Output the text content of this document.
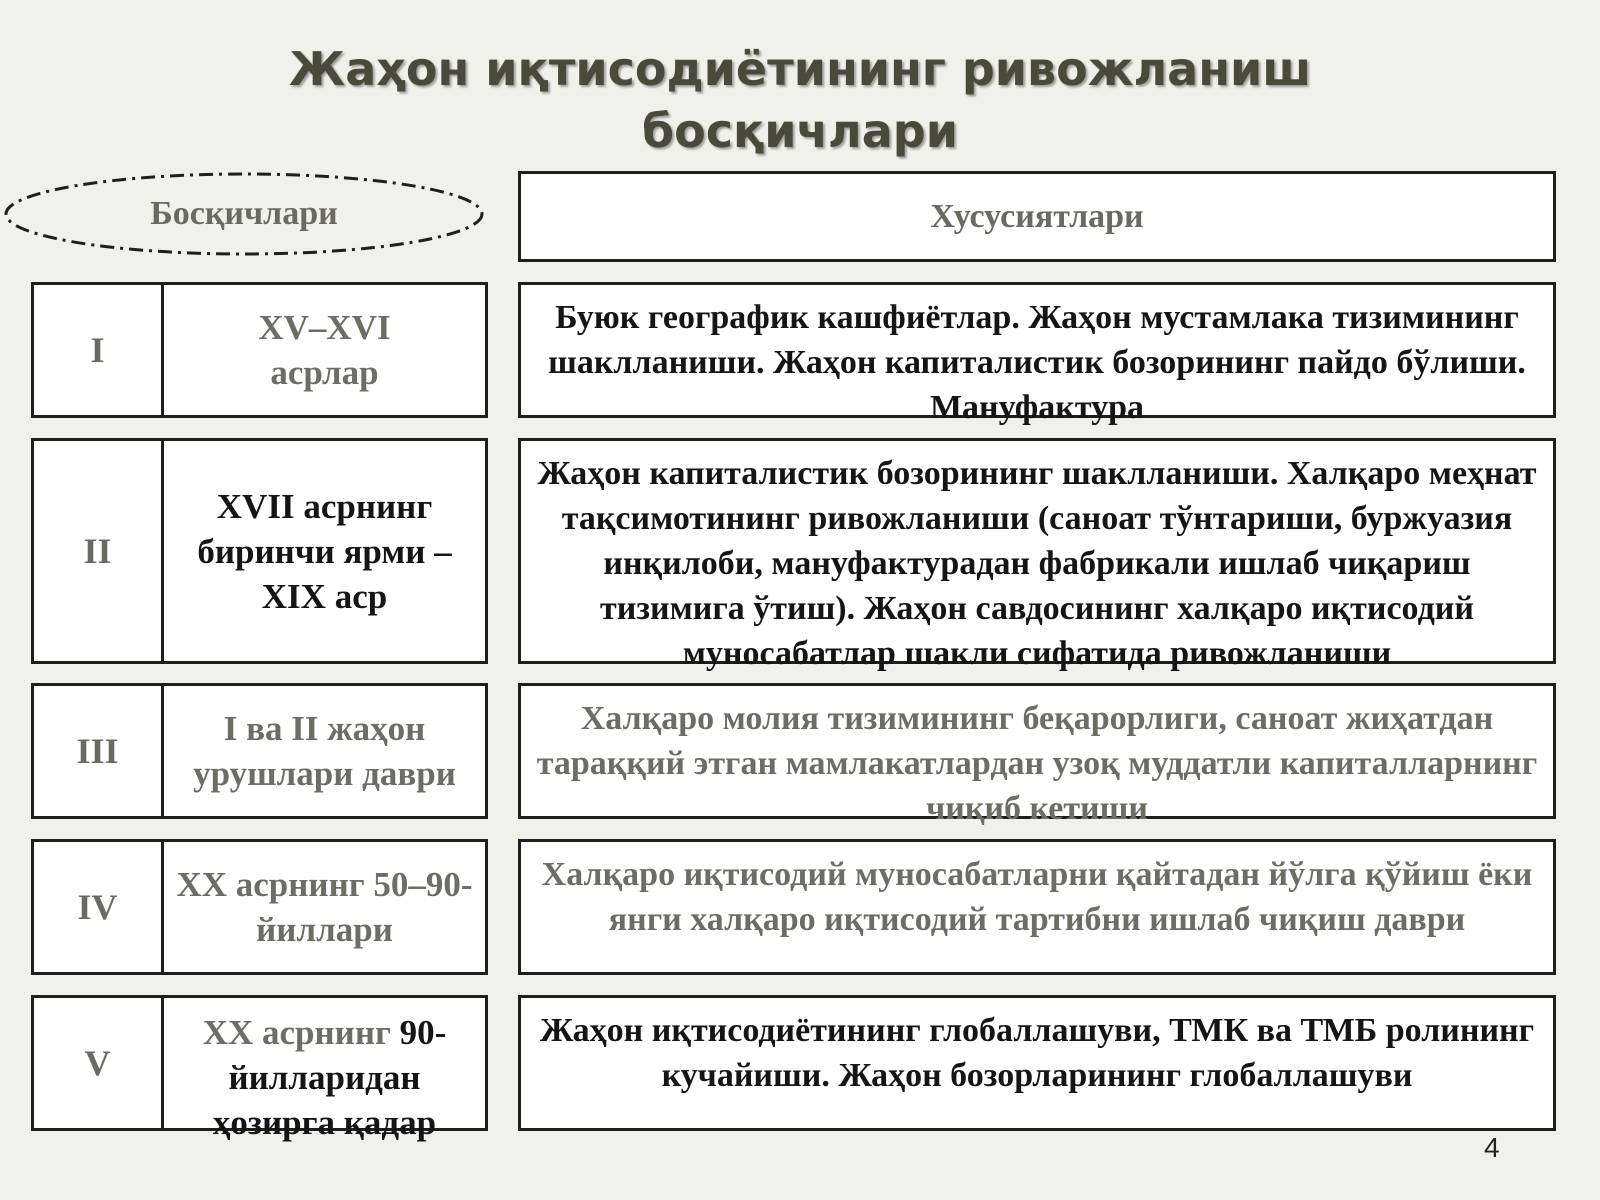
Жаҳон иқтисодиётининг ривожланиш
босқичлари
Босқичлари	Хусусиятлари
I
XV–XVI
асрлар
Буюк географик кашфиётлар. Жаҳон мустамлака тизимининг шаклланиши. Жаҳон капиталистик бозорининг пайдо бўлиши. Мануфактура
II
XVII асрнинг биринчи ярми – XIX аср
Жаҳон капиталистик бозорининг шаклланиши. Халқаро меҳнат тақсимотининг ривожланиши (саноат тўнтариши, буржуазия инқилоби, мануфактурадан фабрикали ишлаб чиқариш тизимига ўтиш). Жаҳон савдосининг халқаро иқтисодий муносабатлар шакли сифатида ривожланиши
III
I ва II жаҳон урушлари даври
Халқаро молия тизимининг беқарорлиги, саноат жиҳатдан тараққий этган мамлакатлардан узоқ муддатли капиталларнинг чиқиб кетиши
IV
XX асрнинг 50–90-йиллари
Халқаро иқтисодий муносабатларни қайтадан йўлга қўйиш ёки янги халқаро иқтисодий тартибни ишлаб чиқиш даври
V
XX асрнинг 90-йилларидан ҳозирга қадар
Жаҳон иқтисодиётининг глобаллашуви, ТМК ва ТМБ ролининг кучайиши. Жаҳон бозорларининг глобаллашуви
4
